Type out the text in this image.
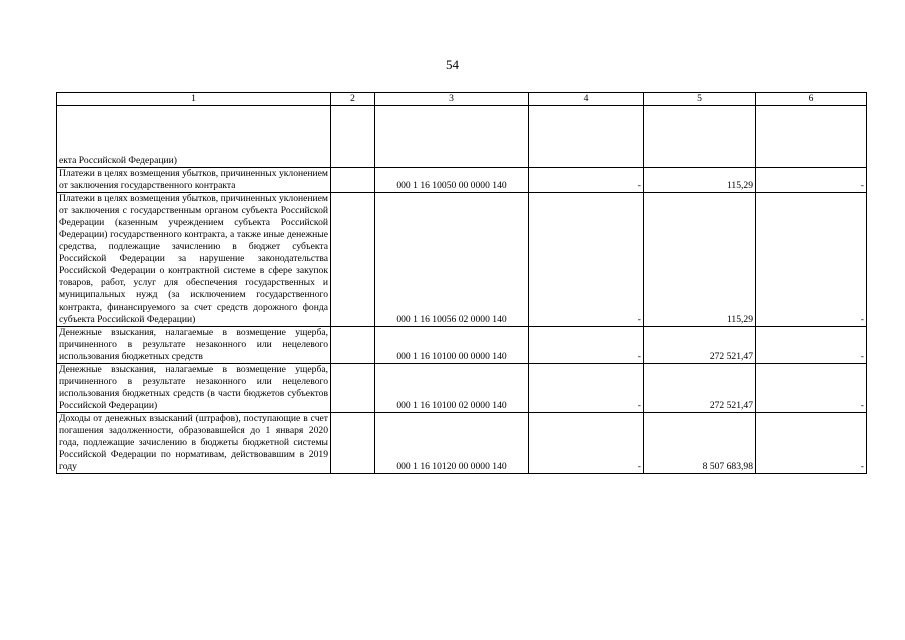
54
1	2	3	4	5	6
екта Российской Федерации)					
Платежи в целях возмещения убытков, причиненных уклонением от заключения государственного контракта		000 1 16 10050 00 0000 140	-	115,29	-
Платежи в целях возмещения убытков, причиненных уклонением от заключения с государственным органом субъекта Российской Федерации (казенным учреждением субъекта Российской Федерации) государственного контракта, а также иные денежные средства, подлежащие зачислению в бюджет субъекта Российской Федерации за нарушение законодательства Российской Федерации о контрактной системе в сфере закупок товаров, работ, услуг для обеспечения государственных и муниципальных нужд (за исключением государственного контракта, финансируемого за счет средств дорожного фонда субъекта Российской Федерации)		000 1 16 10056 02 0000 140	-	115,29	-
Денежные взыскания, налагаемые в возмещение ущерба, причиненного в результате незаконного или нецелевого использования бюджетных средств		000 1 16 10100 00 0000 140	-	272 521,47	-
Денежные взыскания, налагаемые в возмещение ущерба, причиненного в результате незаконного или нецелевого использования бюджетных средств (в части бюджетов субъектов Российской Федерации)		000 1 16 10100 02 0000 140	-	272 521,47	-
Доходы от денежных взысканий (штрафов), поступающие в счет погашения задолженности, образовавшейся до 1 января 2020 года, подлежащие зачислению в бюджеты бюджетной системы Российской Федерации по нормативам, действовавшим в 2019 году		000 1 16 10120 00 0000 140	-	8 507 683,98	-
